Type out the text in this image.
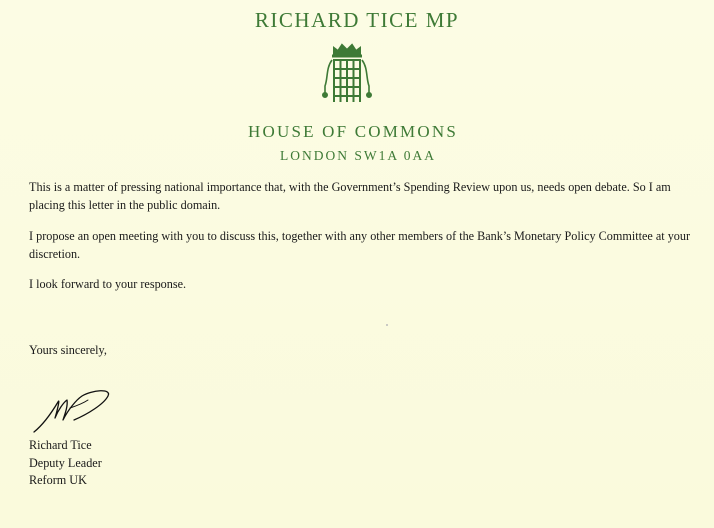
RICHARD TICE MP
HOUSE OF COMMONS
LONDON SW1A 0AA
This is a matter of pressing national importance that, with the Government’s Spending Review upon us, needs open debate. So I am placing this letter in the public domain.
I propose an open meeting with you to discuss this, together with any other members of the Bank’s Monetary Policy Committee at your discretion.
I look forward to your response.
Yours sincerely,
Richard Tice
Deputy Leader
Reform UK
